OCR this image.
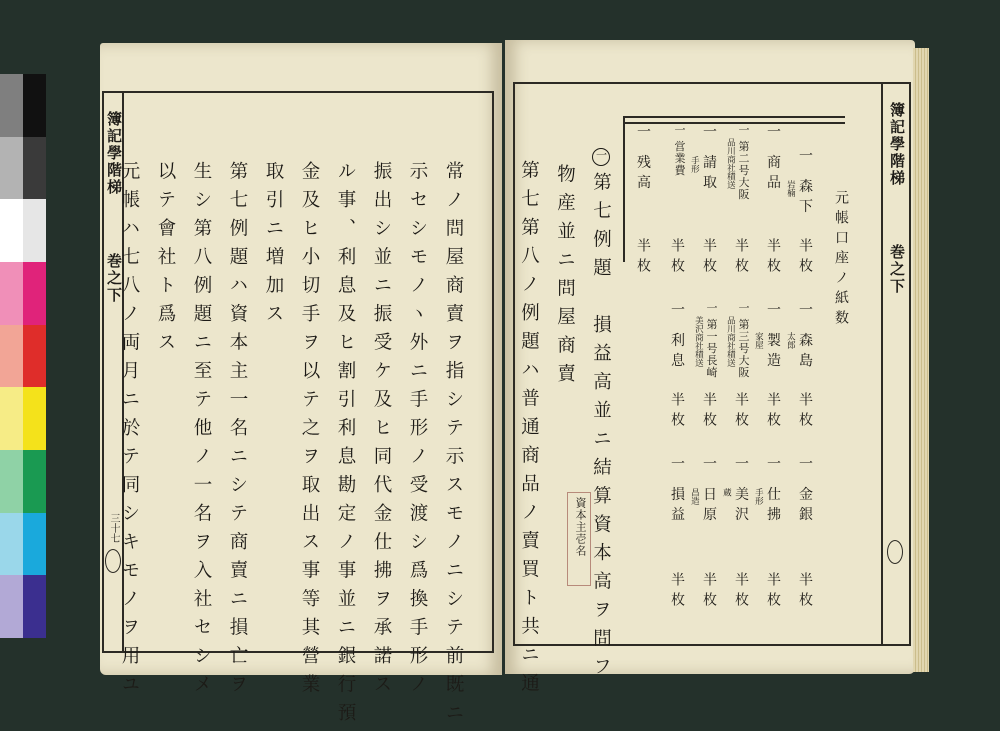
簿記學階梯
巻之下
三十七	常ノ問屋商賣ヲ指シテ示スモノニシテ前既ニ
示セシモノヽ外ニ手形ノ受渡シ爲換手形ノ
振出シ並ニ振受ケ及ヒ同代金仕拂ヲ承諾ス
ル事、利息及ヒ割引利息勘定ノ事並ニ銀行預
金及ヒ小切手ヲ以テ之ヲ取出ス事等其營業
取引ニ増加ス
第七例題ハ資本主一名ニシテ商賣ニ損亡ヲ
生シ第八例題ニ至テ他ノ一名ヲ入社セシメ
以テ會社ト爲ス
元帳ハ七八ノ両月ニ於テ同シキモノヲ用ユ
簿記學階梯
巻之下
元帳口座ノ紙数
一 森下
岩楠
半枚
一 森島
太郎
半枚
一 金銀
半枚
一 商品
半枚
一 製造
家屋
半枚
一 仕拂
手形
半枚
一 第二号大阪
品川商社積送
半枚
一 第三号大阪
品川商社積送
半枚
一 美沢
蔵
半枚
一 請取
手形
半枚
一 第一号長崎
美沢商社積送
半枚
一 日原
昌造
半枚
一 営業費
半枚
一 利息
半枚
一 損益
半枚
一 残高
半枚
一第七例題　損益高並ニ結算資本高ヲ問フ
物産並ニ問屋商賣
第七第八ノ例題ハ普通商品ノ賣買ト共ニ通	資本主壱名
